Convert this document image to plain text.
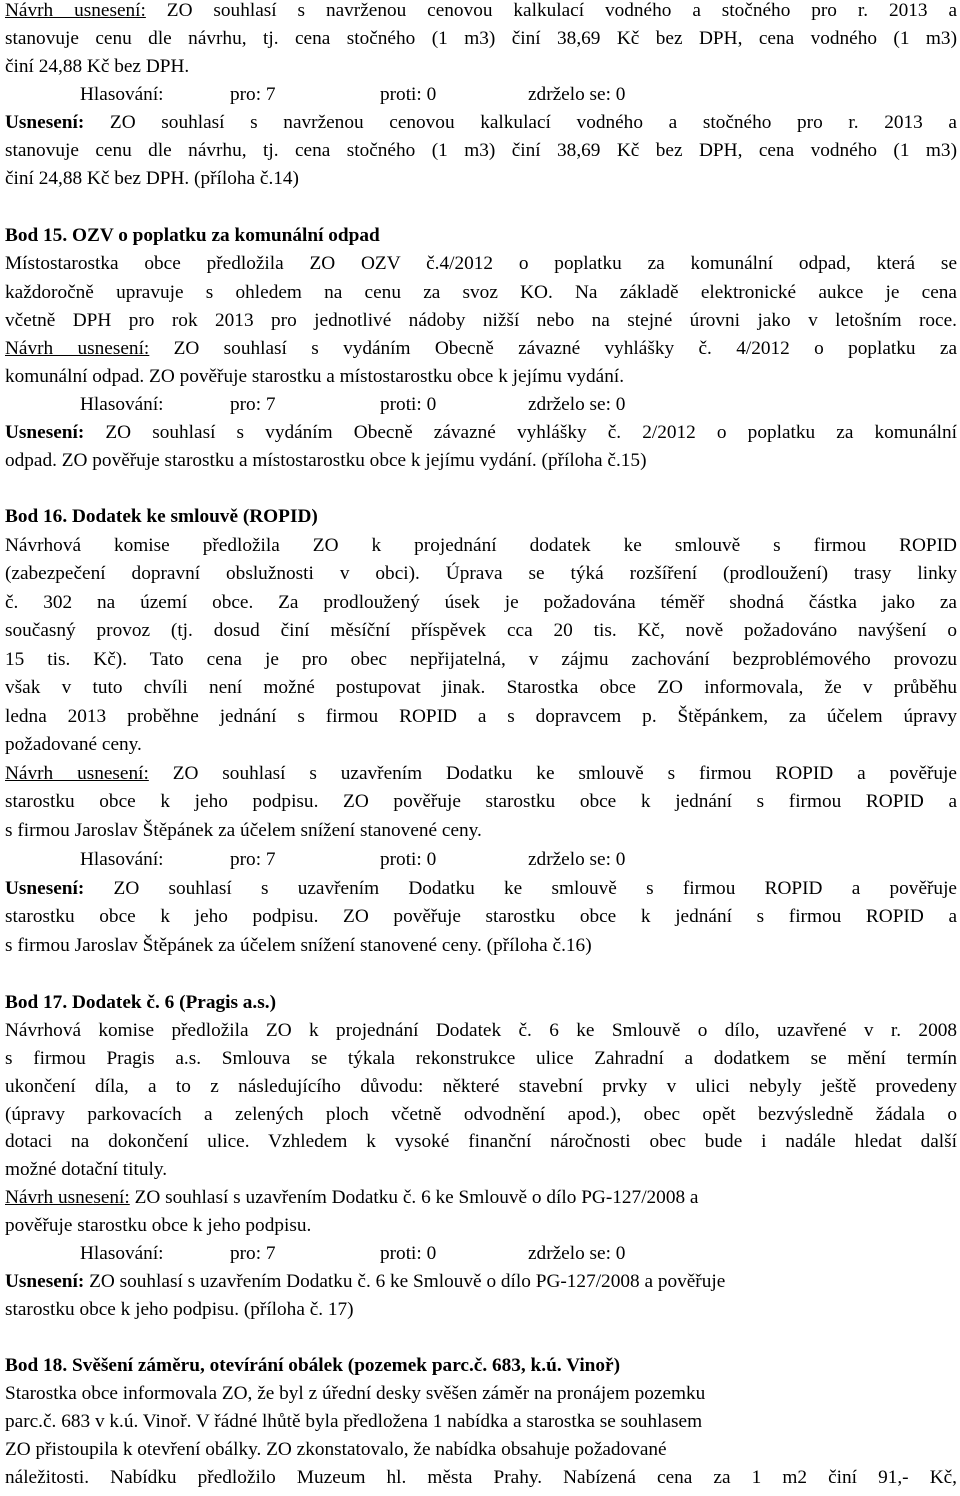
Návrh usnesení: ZO souhlasí s navrženou cenovou kalkulací vodného a stočného pro r. 2013 a
stanovuje cenu dle návrhu, tj. cena stočného (1 m3) činí 38,69 Kč bez DPH, cena vodného (1 m3)
činí 24,88 Kč bez DPH.
Hlasování:	pro: 7	proti: 0	zdrželo se: 0
Usnesení: ZO souhlasí s navrženou cenovou kalkulací vodného a stočného pro r. 2013 a
stanovuje cenu dle návrhu, tj. cena stočného (1 m3) činí 38,69 Kč bez DPH, cena vodného (1 m3)
činí 24,88 Kč bez DPH. (příloha č.14)
Bod 15. OZV o poplatku za komunální odpad
Místostarostka obce předložila ZO OZV č.4/2012 o poplatku za komunální odpad, která se
každoročně upravuje s ohledem na cenu za svoz KO. Na základě elektronické aukce je cena
včetně DPH pro rok 2013 pro jednotlivé nádoby nižší nebo na stejné úrovni jako v letošním roce.
Návrh usnesení: ZO souhlasí s vydáním Obecně závazné vyhlášky č. 4/2012 o poplatku za
komunální odpad. ZO pověřuje starostku a místostarostku obce k jejímu vydání.
Hlasování:	pro: 7	proti: 0	zdrželo se: 0
Usnesení: ZO souhlasí s vydáním Obecně závazné vyhlášky č. 2/2012 o poplatku za komunální
odpad. ZO pověřuje starostku a místostarostku obce k jejímu vydání. (příloha č.15)
Bod 16. Dodatek ke smlouvě (ROPID)
Návrhová komise předložila ZO k projednání dodatek ke smlouvě s firmou ROPID
(zabezpečení dopravní obslužnosti v obci). Úprava se týká rozšíření (prodloužení) trasy linky
č. 302 na území obce. Za prodloužený úsek je požadována téměř shodná částka jako za
současný provoz (tj. dosud činí měsíční příspěvek cca 20 tis. Kč, nově požadováno navýšení o
15 tis. Kč). Tato cena je pro obec nepřijatelná, v zájmu zachování bezproblémového provozu
však v tuto chvíli není možné postupovat jinak. Starostka obce ZO informovala, že v průběhu
ledna 2013 proběhne jednání s firmou ROPID a s dopravcem p. Štěpánkem, za účelem úpravy
požadované ceny.
Návrh usnesení: ZO souhlasí s uzavřením Dodatku ke smlouvě s firmou ROPID a pověřuje
starostku obce k jeho podpisu. ZO pověřuje starostku obce k jednání s firmou ROPID a
s firmou Jaroslav Štěpánek za účelem snížení stanovené ceny.
Hlasování:	pro: 7	proti: 0	zdrželo se: 0
Usnesení: ZO souhlasí s uzavřením Dodatku ke smlouvě s firmou ROPID a pověřuje
starostku obce k jeho podpisu. ZO pověřuje starostku obce k jednání s firmou ROPID a
s firmou Jaroslav Štěpánek za účelem snížení stanovené ceny. (příloha č.16)
Bod 17. Dodatek č. 6 (Pragis a.s.)
Návrhová komise předložila ZO k projednání Dodatek č. 6 ke Smlouvě o dílo, uzavřené v r. 2008
s firmou Pragis a.s. Smlouva se týkala rekonstrukce ulice Zahradní a dodatkem se mění termín
ukončení díla, a to z následujícího důvodu: některé stavební prvky v ulici nebyly ještě provedeny
(úpravy parkovacích a zelených ploch včetně odvodnění apod.), obec opět bezvýsledně žádala o
dotaci na dokončení ulice. Vzhledem k vysoké finanční náročnosti obec bude i nadále hledat další
možné dotační tituly.
Návrh usnesení: ZO souhlasí s uzavřením Dodatku č. 6 ke Smlouvě o dílo PG-127/2008 a
pověřuje starostku obce k jeho podpisu.
Hlasování:	pro: 7	proti: 0	zdrželo se: 0
Usnesení: ZO souhlasí s uzavřením Dodatku č. 6 ke Smlouvě o dílo PG-127/2008 a pověřuje
starostku obce k jeho podpisu. (příloha č. 17)
Bod 18. Svěšení záměru, otevírání obálek (pozemek parc.č. 683, k.ú. Vinoř)
Starostka obce informovala ZO, že byl z úřední desky svěšen záměr na pronájem pozemku
parc.č. 683 v k.ú. Vinoř. V řádné lhůtě byla předložena 1 nabídka a starostka se souhlasem
ZO přistoupila k otevření obálky. ZO zkonstatovalo, že nabídka obsahuje požadované
náležitosti. Nabídku předložilo Muzeum hl. města Prahy. Nabízená cena za 1 m2 činí 91,- Kč,
